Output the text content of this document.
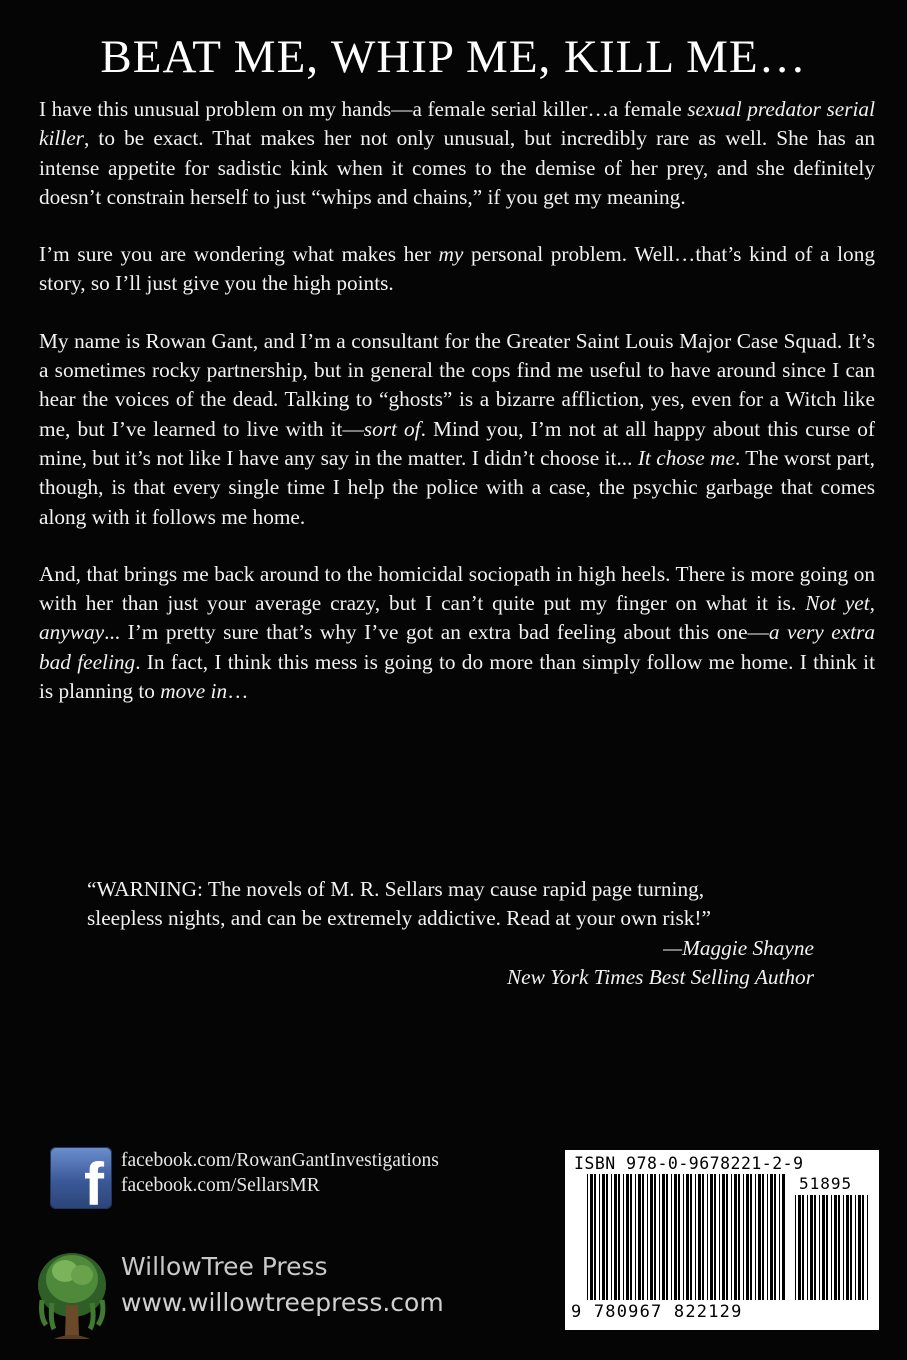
BEAT ME, WHIP ME, KILL ME…

I have this unusual problem on my hands—a female serial killer…a female sexual predator serial killer, to be exact. That makes her not only unusual, but incredibly rare as well. She has an intense appetite for sadistic kink when it comes to the demise of her prey, and she definitely doesn’t constrain herself to just “whips and chains,” if you get my meaning.

I’m sure you are wondering what makes her my personal problem. Well…that’s kind of a long story, so I’ll just give you the high points.

My name is Rowan Gant, and I’m a consultant for the Greater Saint Louis Major Case Squad. It’s a sometimes rocky partnership, but in general the cops find me useful to have around since I can hear the voices of the dead. Talking to “ghosts” is a bizarre affliction, yes, even for a Witch like me, but I’ve learned to live with it—sort of. Mind you, I’m not at all happy about this curse of mine, but it’s not like I have any say in the matter. I didn’t choose it... It chose me. The worst part, though, is that every single time I help the police with a case, the psychic garbage that comes along with it follows me home.

And, that brings me back around to the homicidal sociopath in high heels. There is more going on with her than just your average crazy, but I can’t quite put my finger on what it is. Not yet, anyway... I’m pretty sure that’s why I’ve got an extra bad feeling about this one—a very extra bad feeling. In fact, I think this mess is going to do more than simply follow me home. I think it is planning to move in…

“WARNING: The novels of M. R. Sellars may cause rapid page turning,
sleepless nights, and can be extremely addictive. Read at your own risk!”
—Maggie Shayne
New York Times Best Selling Author
f facebook.com/RowanGantInvestigations
facebook.com/SellarsMR
WillowTree Press
www.willowtreepress.com
ISBN 978-0-9678221-2-9
51895
9 780967 822129
